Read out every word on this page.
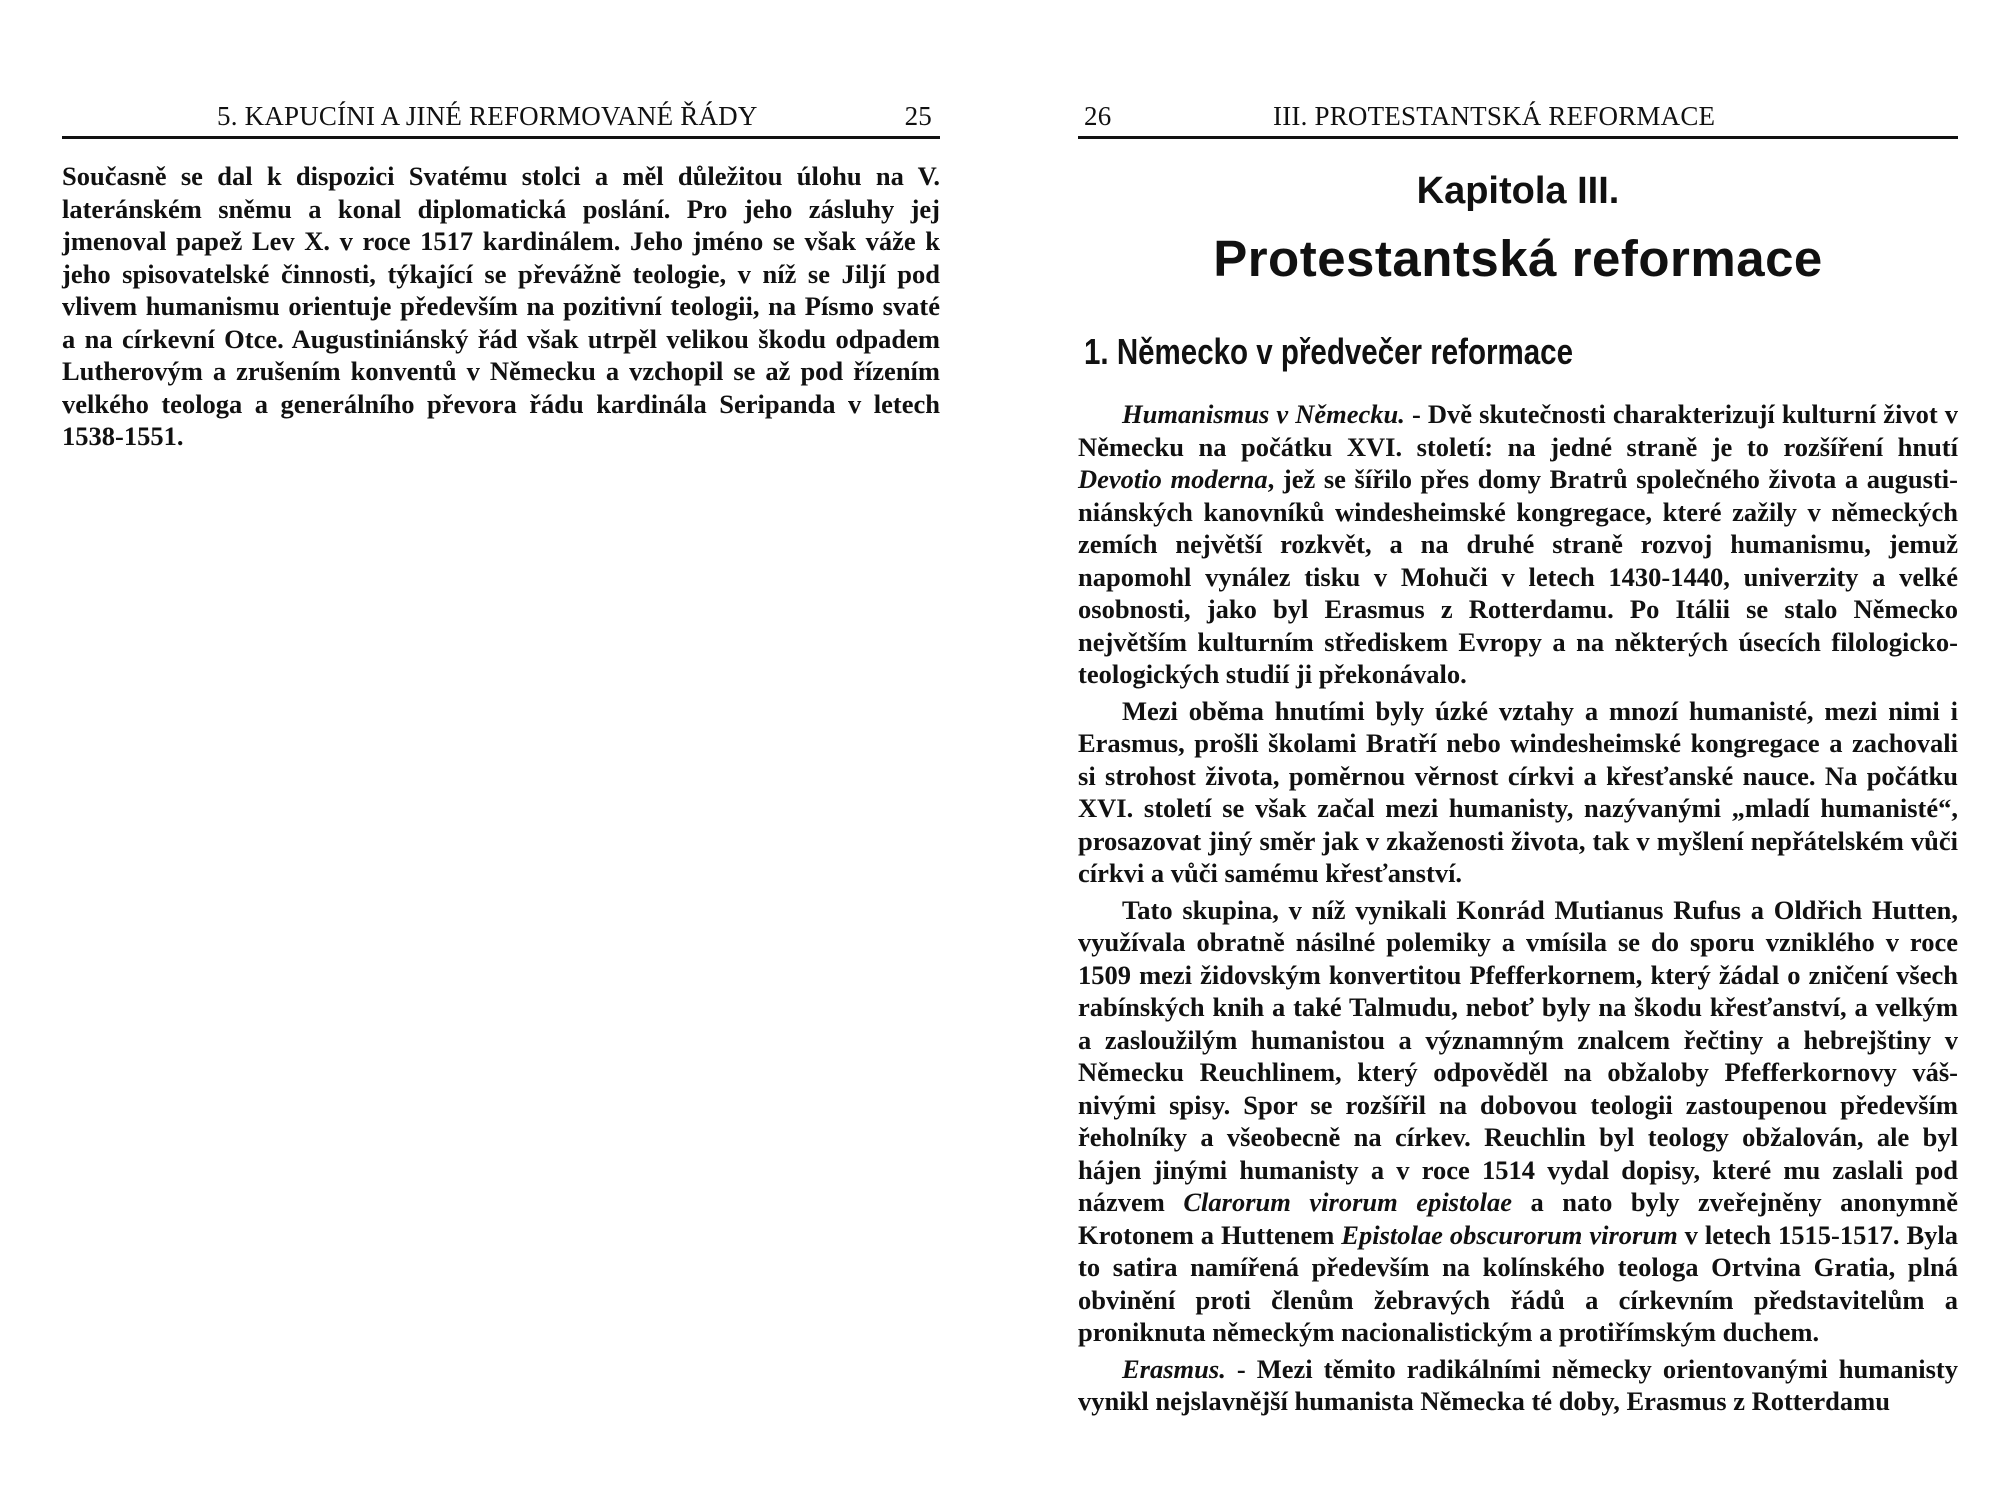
5. KAPUCÍNI A JINÉ REFORMOVANÉ ŘÁDY	25

Současně se dal k dispozici Svatému stolci a měl důležitou úlohu na V. lateránském sněmu a konal diplomatická poslání. Pro jeho zásluhy jej jmenoval papež Lev X. v roce 1517 kardinálem. Jeho jméno se však váže k jeho spisovatelské činnosti, týkající se převážně teologie, v níž se Jiljí pod vlivem humanismu orientuje především na pozitivní teologii, na Písmo svaté a na církevní Otce. Augustiniánský řád však utrpěl velikou škodu odpadem Lutherovým a zrušením konventů v Německu a vzchopil se až pod řízením velkého teologa a generálního převora řádu kardinála Seripanda v letech 1538-1551.

26	III. PROTESTANTSKÁ REFORMACE
Kapitola III.
Protestantská reformace
1. Německo v předvečer reformace

Humanismus v Německu. - Dvě skutečnosti charakterizují kulturní život v Německu na počátku XVI. století: na jedné straně je to rozšíření hnutí Devotio moderna, jež se šířilo přes domy Bratrů společného života a augustiniánských kanovníků windesheimské kongregace, které zažily v německých zemích největší rozkvět, a na druhé straně rozvoj humanismu, jemuž napomohl vynález tisku v Mohuči v letech 1430-1440, univerzity a velké osobnosti, jako byl Erasmus z Rotterdamu. Po Itálii se stalo Německo největším kulturním střediskem Evropy a na některých úsecích filologicko-teologických studií ji překonávalo.

Mezi oběma hnutími byly úzké vztahy a mnozí humanisté, mezi nimi i Erasmus, prošli školami Bratří nebo windesheimské kongregace a zachovali si strohost života, poměrnou věrnost církvi a křesťanské nauce. Na počátku XVI. století se však začal mezi humanisty, nazývanými „mladí humanisté“, prosazovat jiný směr jak v zkaženosti života, tak v myšlení nepřátelském vůči církvi a vůči samému křesťanství.

Tato skupina, v níž vynikali Konrád Mutianus Rufus a Oldřich Hutten, využívala obratně násilné polemiky a vmísila se do sporu vzniklého v roce 1509 mezi židovským konvertitou Pfefferkornem, který žádal o zničení všech rabínských knih a také Talmudu, neboť byly na škodu křesťanství, a velkým a zasloužilým humanistou a významným znalcem řečtiny a hebrejštiny v Německu Reuchlinem, který odpověděl na obžaloby Pfefferkornovy vášnivými spisy. Spor se rozšířil na dobovou teologii zastoupenou především řeholníky a všeobecně na církev. Reuchlin byl teology obžalován, ale byl hájen jinými humanisty a v roce 1514 vydal dopisy, které mu zaslali pod názvem Clarorum virorum epistolae a nato byly zveřejněny anonymně Krotonem a Huttenem Epistolae obscurorum virorum v letech 1515-1517. Byla to satira namířená především na kolínského teologa Ortvina Gratia, plná obvinění proti členům žebravých řádů a církevním představitelům a proniknuta německým nacionalistickým a protiřímským duchem.

Erasmus. - Mezi těmito radikálními německy orientovanými humanisty vynikl nejslavnější humanista Německa té doby, Erasmus z Rotterdamu
